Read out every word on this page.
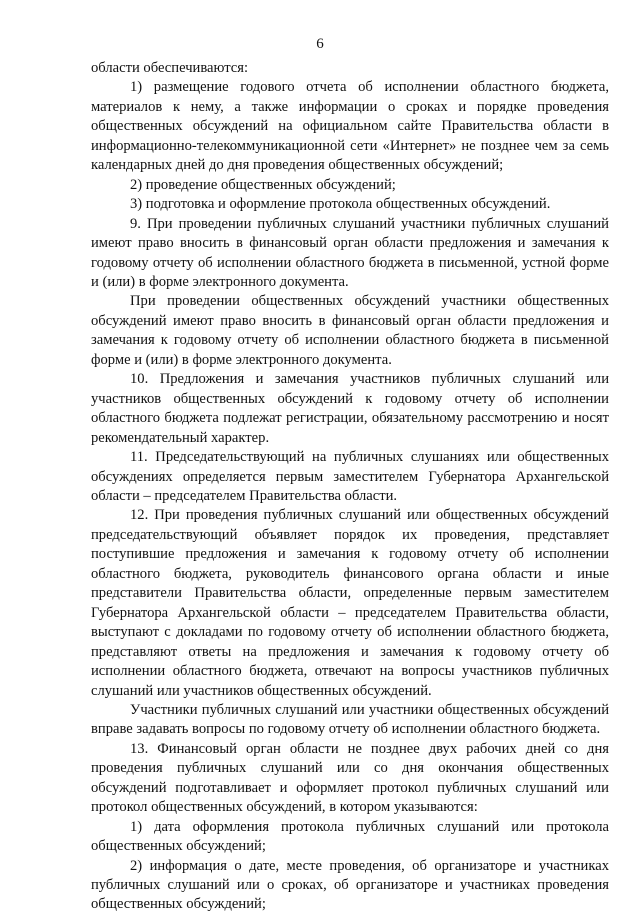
6

области обеспечиваются:

1) размещение годового отчета об исполнении областного бюджета, материалов к нему, а также информации о сроках и порядке проведения общественных обсуждений на официальном сайте Правительства области в информационно-телекоммуникационной сети «Интернет» не позднее чем за семь календарных дней до дня проведения общественных обсуждений;

2) проведение общественных обсуждений;

3) подготовка и оформление протокола общественных обсуждений.

9. При проведении публичных слушаний участники публичных слушаний имеют право вносить в финансовый орган области предложения и замечания к годовому отчету об исполнении областного бюджета в письменной, устной форме и (или) в форме электронного документа.

При проведении общественных обсуждений участники общественных обсуждений имеют право вносить в финансовый орган области предложения и замечания к годовому отчету об исполнении областного бюджета в письменной форме и (или) в форме электронного документа.

10. Предложения и замечания участников публичных слушаний или участников общественных обсуждений к годовому отчету об исполнении областного бюджета подлежат регистрации, обязательному рассмотрению и носят рекомендательный характер.

11. Председательствующий на публичных слушаниях или общественных обсуждениях определяется первым заместителем Губернатора Архангельской области – председателем Правительства области.

12. При проведения публичных слушаний или общественных обсуждений председательствующий объявляет порядок их проведения, представляет поступившие предложения и замечания к годовому отчету об исполнении областного бюджета, руководитель финансового органа области и иные представители Правительства области, определенные первым заместителем Губернатора Архангельской области – председателем Правительства области, выступают с докладами по годовому отчету об исполнении областного бюджета, представляют ответы на предложения и замечания к годовому отчету об исполнении областного бюджета, отвечают на вопросы участников публичных слушаний или участников общественных обсуждений.

Участники публичных слушаний или участники общественных обсуждений вправе задавать вопросы по годовому отчету об исполнении областного бюджета.

13. Финансовый орган области не позднее двух рабочих дней со дня проведения публичных слушаний или со дня окончания общественных обсуждений подготавливает и оформляет протокол публичных слушаний или протокол общественных обсуждений, в котором указываются:

1) дата оформления протокола публичных слушаний или протокола общественных обсуждений;

2) информация о дате, месте проведения, об организаторе и участниках публичных слушаний или о сроках, об организаторе и участниках проведения общественных обсуждений;
